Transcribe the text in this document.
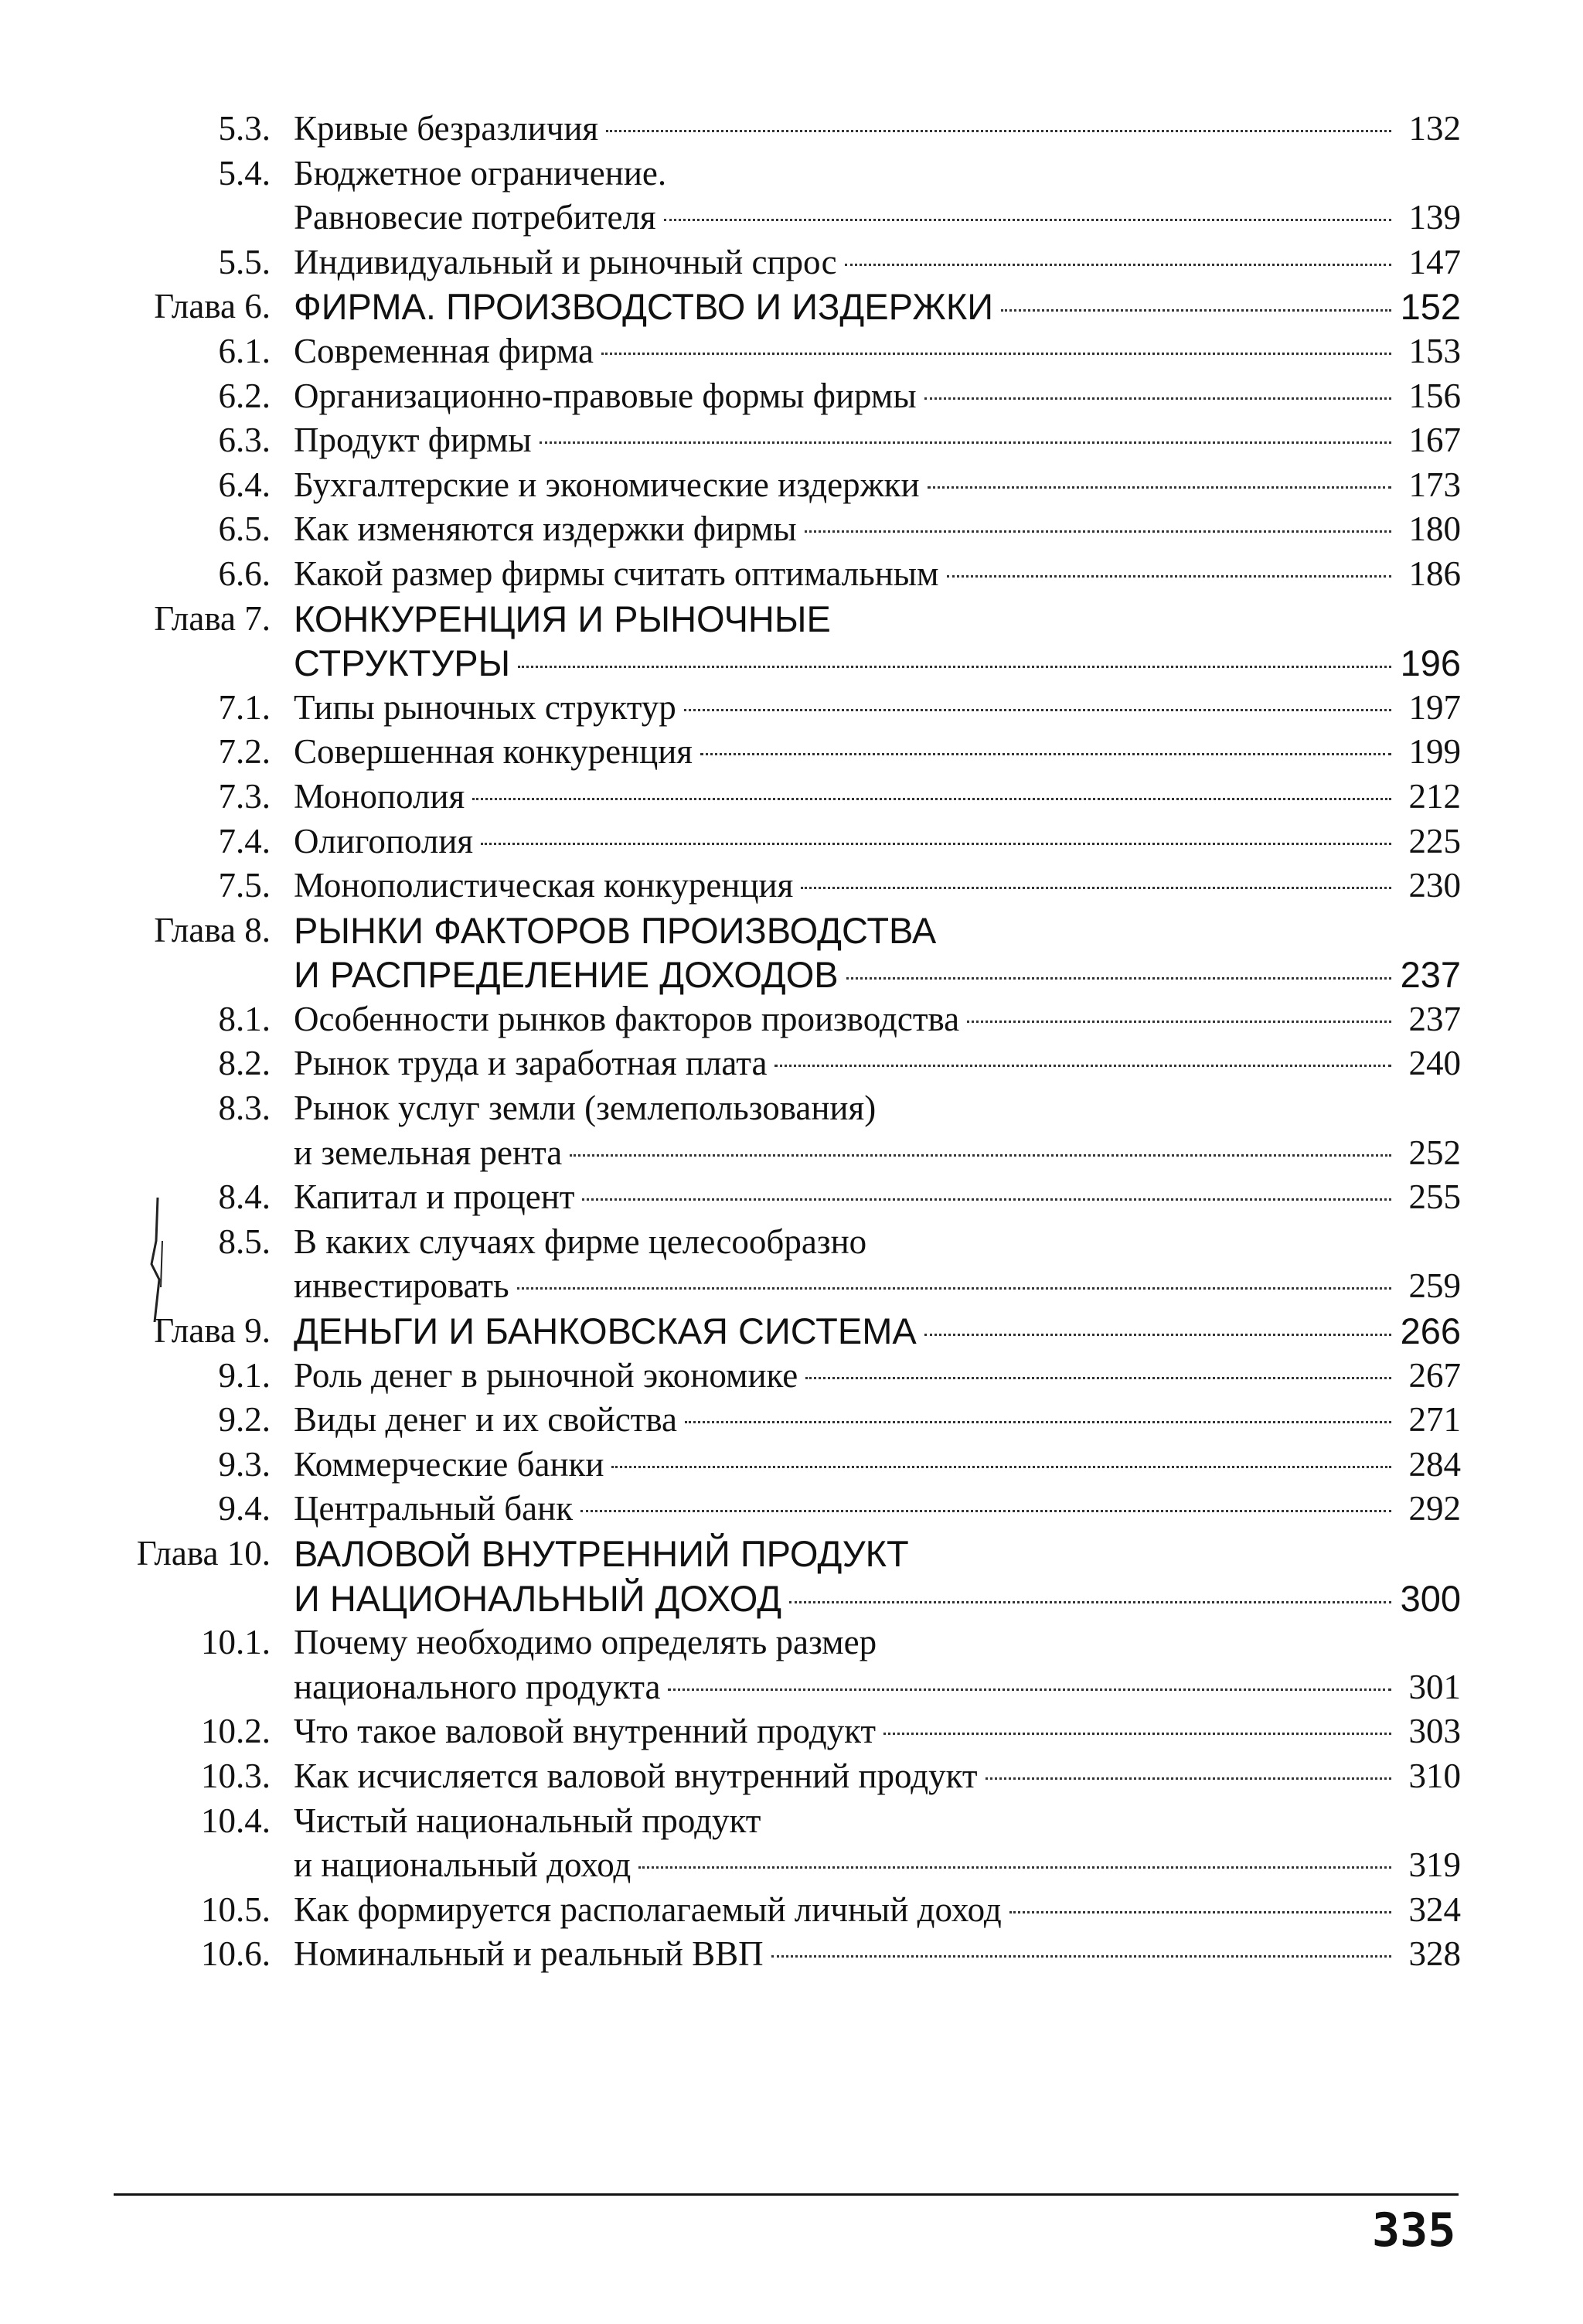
5.3. Кривые безразличия	132
5.4. Бюджетное ограничение.
Равновесие потребителя	139
5.5. Индивидуальный и рыночный спрос	147
Глава 6. ФИРМА. ПРОИЗВОДСТВО И ИЗДЕРЖКИ	152
6.1. Современная фирма	153
6.2. Организационно-правовые формы фирмы	156
6.3. Продукт фирмы	167
6.4. Бухгалтерские и экономические издержки	173
6.5. Как изменяются издержки фирмы	180
6.6. Какой размер фирмы считать оптимальным	186
Глава 7. КОНКУРЕНЦИЯ И РЫНОЧНЫЕ
СТРУКТУРЫ	196
7.1. Типы рыночных структур	197
7.2. Совершенная конкуренция	199
7.3. Монополия	212
7.4. Олигополия	225
7.5. Монополистическая конкуренция	230
Глава 8. РЫНКИ ФАКТОРОВ ПРОИЗВОДСТВА
И РАСПРЕДЕЛЕНИЕ ДОХОДОВ	237
8.1. Особенности рынков факторов производства	237
8.2. Рынок труда и заработная плата	240
8.3. Рынок услуг земли (землепользования)
и земельная рента	252
8.4. Капитал и процент	255
8.5. В каких случаях фирме целесообразно
инвестировать	259
Глава 9. ДЕНЬГИ И БАНКОВСКАЯ СИСТЕМА	266
9.1. Роль денег в рыночной экономике	267
9.2. Виды денег и их свойства	271
9.3. Коммерческие банки	284
9.4. Центральный банк	292
Глава 10. ВАЛОВОЙ ВНУТРЕННИЙ ПРОДУКТ
И НАЦИОНАЛЬНЫЙ ДОХОД	300
10.1. Почему необходимо определять размер
национального продукта	301
10.2. Что такое валовой внутренний продукт	303
10.3. Как исчисляется валовой внутренний продукт	310
10.4. Чистый национальный продукт
и национальный доход	319
10.5. Как формируется располагаемый личный доход	324
10.6. Номинальный и реальный ВВП	328
335
